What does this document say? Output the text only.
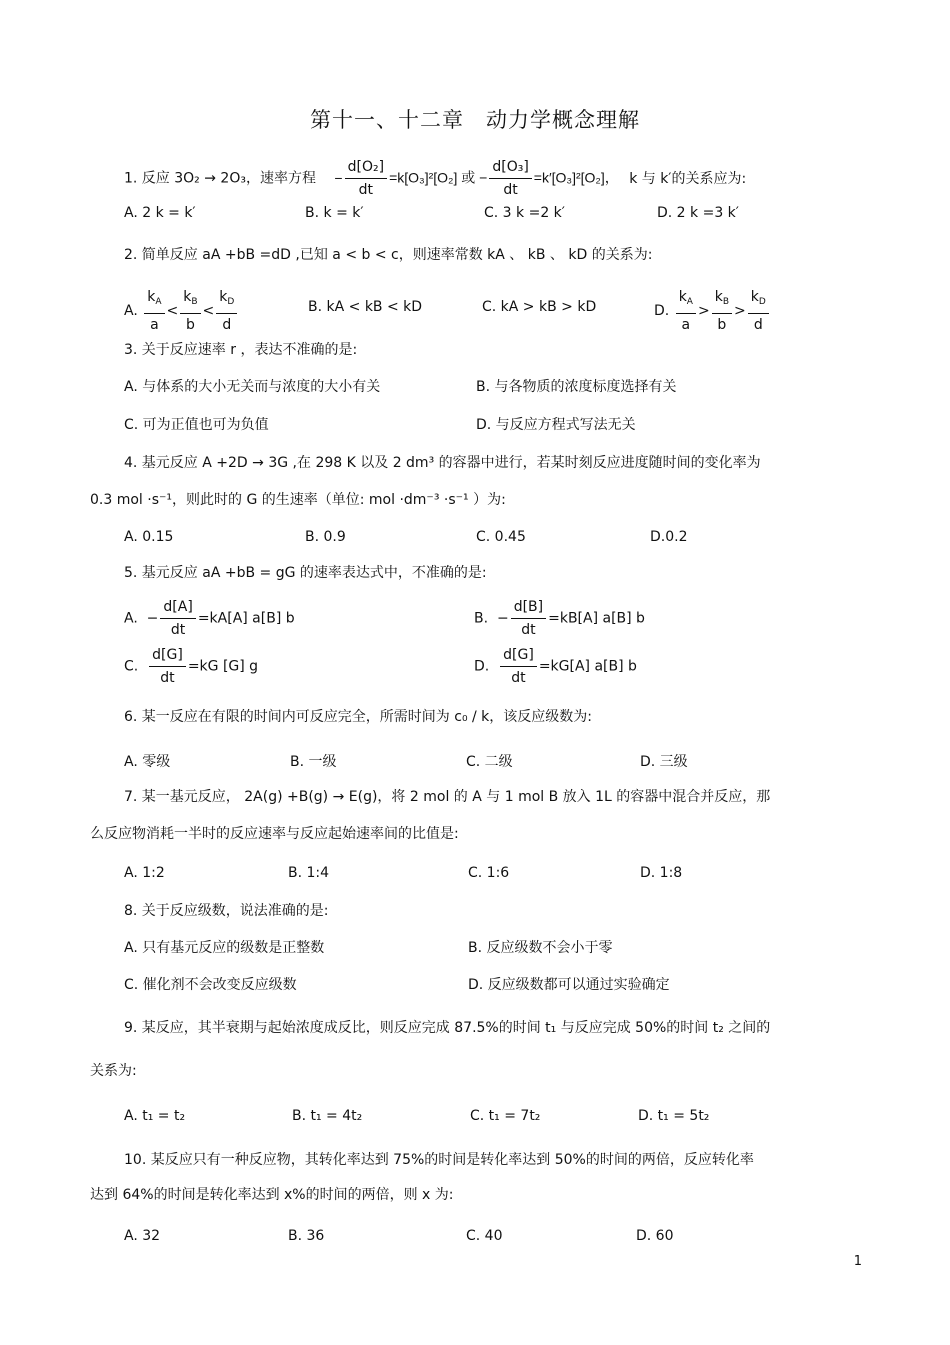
第十一、十二章　动力学概念理解
1. 反应 3O₂ → 2O₃，速率方程 − $\frac{\text{d[O₂]}}{dt} =k[O_3]^2[O_2]$ 或 − $\frac{\text{d[O₃]}}{dt} =k'[O_3]^2[O_2]$， k 与 k′的关系应为:
A. 2 k = k′	B. k = k′	C. 3 k =2 k′	D. 2 k =3 k′
2. 简单反应 aA +bB =dD ,已知 a < b < c，则速率常数 kA 、 kB 、 kD 的关系为:
A. $\frac{k_A}{a} < \frac{k_B}{b} < \frac{k_D}{d}$	B. kA < kB < kD	C. kA > kB > kD	D. $\frac{k_A}{a} > \frac{k_B}{b} > \frac{k_D}{d}$
3. 关于反应速率 r ，表达不准确的是:
A. 与体系的大小无关而与浓度的大小有关	B. 与各物质的浓度标度选择有关
C. 可为正值也可为负值	D. 与反应方程式写法无关
4. 基元反应 A +2D → 3G ,在 298 K 以及 2 dm³ 的容器中进行，若某时刻反应进度随时间的变化率为
0.3 mol ·s⁻¹，则此时的 G 的生速率（单位: mol ·dm⁻³ ·s⁻¹ ）为:
A. 0.15	B. 0.9	C. 0.45	D.0.2
5. 基元反应 aA +bB = gG 的速率表达式中，不准确的是:
A.  − $\frac{d[A]}{dt} =kA[A]$ a[B] b	B.  − $\frac{d[B]}{dt} =kB[A]$ a[B] b
C. $\frac{d[G]}{dt} =kG$ [G] g	D. $\frac{d[G]}{dt} =kG[A]$ a[B] b
6. 某一反应在有限的时间内可反应完全，所需时间为 c₀ / k，该反应级数为:
A. 零级	B. 一级	C. 二级	D. 三级
7. 某一基元反应， 2A(g) +B(g) → E(g)，将 2 mol 的 A 与 1 mol B 放入 1L 的容器中混合并反应，那
么反应物消耗一半时的反应速率与反应起始速率间的比值是:
A. 1:2	B. 1:4	C. 1:6	D. 1:8
8. 关于反应级数，说法准确的是:
A. 只有基元反应的级数是正整数	B. 反应级数不会小于零
C. 催化剂不会改变反应级数	D. 反应级数都可以通过实验确定
9. 某反应，其半衰期与起始浓度成反比，则反应完成 87.5%的时间 t₁ 与反应完成 50%的时间 t₂ 之间的
关系为:
A. t₁ = t₂	B. t₁ = 4t₂	C. t₁ = 7t₂	D. t₁ = 5t₂
10. 某反应只有一种反应物，其转化率达到 75%的时间是转化率达到 50%的时间的两倍，反应转化率
达到 64%的时间是转化率达到 x%的时间的两倍，则 x 为:
A. 32	B. 36	C. 40	D. 60
1
